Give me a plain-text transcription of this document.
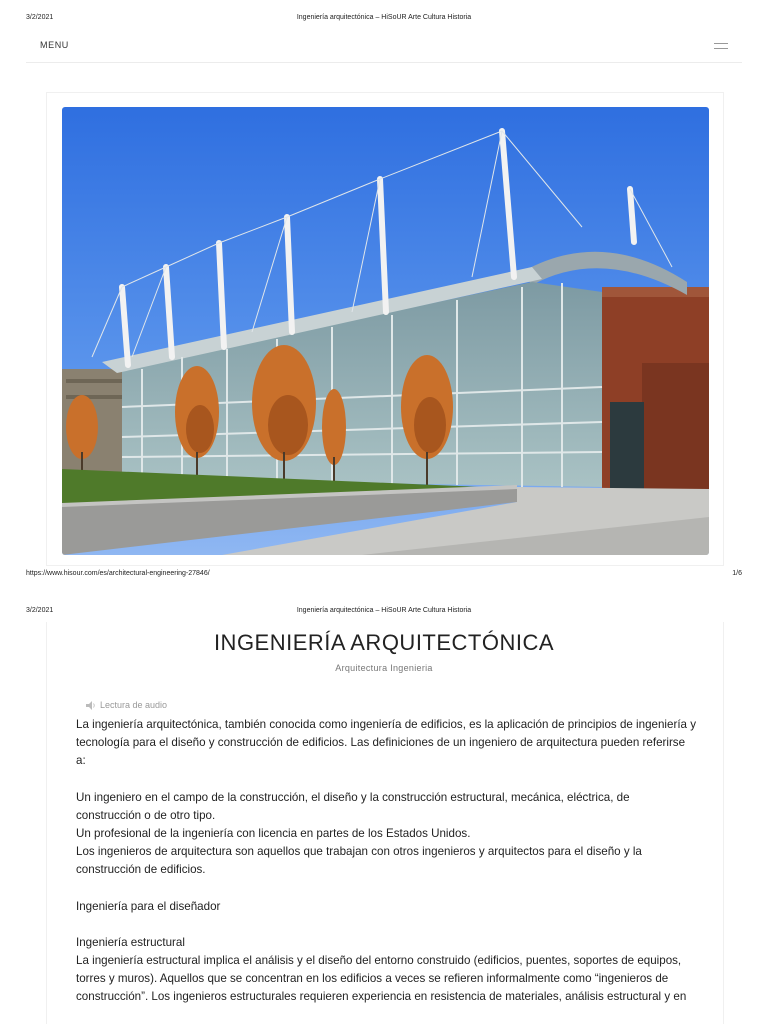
3/2/2021	Ingeniería arquitectónica – HiSoUR Arte Cultura Historia
MENU
https://www.hisour.com/es/architectural-engineering-27846/	1/6
3/2/2021	Ingeniería arquitectónica – HiSoUR Arte Cultura Historia
INGENIERÍA ARQUITECTÓNICA
Arquitectura Ingenieria
Lectura de audio

La ingeniería arquitectónica, también conocida como ingeniería de edificios, es la aplicación de principios de ingeniería y tecnología para el diseño y construcción de edificios. Las definiciones de un ingeniero de arquitectura pueden referirse a:

Un ingeniero en el campo de la construcción, el diseño y la construcción estructural, mecánica, eléctrica, de construcción o de otro tipo.

Un profesional de la ingeniería con licencia en partes de los Estados Unidos.

Los ingenieros de arquitectura son aquellos que trabajan con otros ingenieros y arquitectos para el diseño y la construcción de edificios.

Ingeniería para el diseñador

Ingeniería estructural

La ingeniería estructural implica el análisis y el diseño del entorno construido (edificios, puentes, soportes de equipos, torres y muros). Aquellos que se concentran en los edificios a veces se refieren informalmente como “ingenieros de construcción”. Los ingenieros estructurales requieren experiencia en resistencia de materiales, análisis estructural y en
